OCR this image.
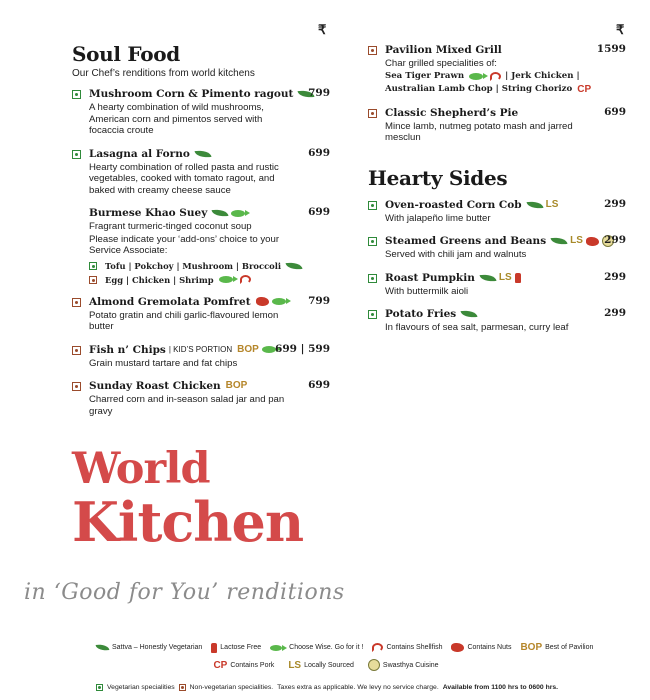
₹	₹
Soul Food
Our Chef’s renditions from world kitchens
Mushroom Corn & Pimento ragout 799
A hearty combination of wild mushrooms, American corn and pimentos served with focaccia croute
Lasagna al Forno	699
Hearty combination of rolled pasta and rustic vegetables, cooked with tomato ragout, and baked with creamy cheese sauce
Burmese Khao Suey	699
Fragrant turmeric-tinged coconut soup
Please indicate your ‘add-ons’ choice to your Service Associate:
Tofu | Pokchoy | Mushroom | Broccoli
Egg | Chicken | Shrimp
Almond Gremolata Pomfret	799
Potato gratin and chili garlic-flavoured lemon butter
Fish n’ Chips | KID’S PORTION BOP 699 | 599
Grain mustard tartare and fat chips
Sunday Roast Chicken BOP	699
Charred corn and in-season salad jar and pan gravy
Pavilion Mixed Grill	1599
Char grilled specialities of:
Sea Tiger Prawn	| Jerk Chicken |
Australian Lamb Chop | String Chorizo CP
Classic Shepherd’s Pie	699
Mince lamb, nutmeg potato mash and jarred mesclun
Hearty Sides
Oven-roasted Corn Cob LS	299
With jalapeño lime butter
Steamed Greens and Beans LS 299
Served with chili jam and walnuts
Roast Pumpkin LS	299
With buttermilk aioli
Potato Fries	299
In flavours of sea salt, parmesan, curry leaf
World
Kitchen
in ‘Good for You’ renditions
Sattva – Honestly Vegetarian	Lactose Free	Choose Wise. Go for it !	Contains Shellfish	Contains Nuts BOP Best of Pavilion
CP Contains Pork LS Locally Sourced	Swasthya Cuisine
Vegetarian specialities Non-vegetarian specialities. Taxes extra as applicable. We levy no service charge. Available from 1100 hrs to 0600 hrs.
